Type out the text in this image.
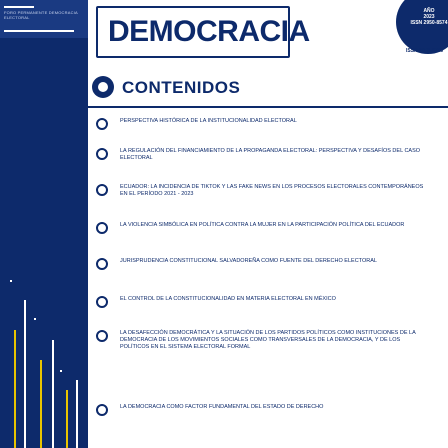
FORO PERMANENTE DEMOCRACIA ELECTORAL	DEMOCRACIA
AÑO
2023
ISSN 2950-8574
ISSN 2950-8755
CONTENIDOS
PERSPECTIVA HISTÓRICA DE LA INSTITUCIONALIDAD ELECTORAL
LA REGULACIÓN DEL FINANCIAMIENTO DE LA PROPAGANDA ELECTORAL: PERSPECTIVA Y DESAFÍOS DEL CASO ELECTORAL
ECUADOR: LA INCIDENCIA DE TIKTOK Y LAS FAKE NEWS EN LOS PROCESOS ELECTORALES CONTEMPORÁNEOS EN EL PERÍODO 2021 - 2023
LA VIOLENCIA SIMBÓLICA EN POLÍTICA CONTRA LA MUJER EN LA PARTICIPACIÓN POLÍTICA DEL ECUADOR
JURISPRUDENCIA CONSTITUCIONAL SALVADOREÑA COMO FUENTE DEL DERECHO ELECTORAL
EL CONTROL DE LA CONSTITUCIONALIDAD EN MATERIA ELECTORAL EN MÉXICO
LA DESAFECCIÓN DEMOCRÁTICA Y LA SITUACIÓN DE LOS PARTIDOS POLÍTICOS COMO INSTITUCIONES DE LA DEMOCRACIA DE LOS MOVIMIENTOS SOCIALES COMO TRANSVERSALES DE LA DEMOCRACIA, Y DE LOS POLÍTICOS EN EL SISTEMA ELECTORAL FORMAL
LA DEMOCRACIA COMO FACTOR FUNDAMENTAL DEL ESTADO DE DERECHO
